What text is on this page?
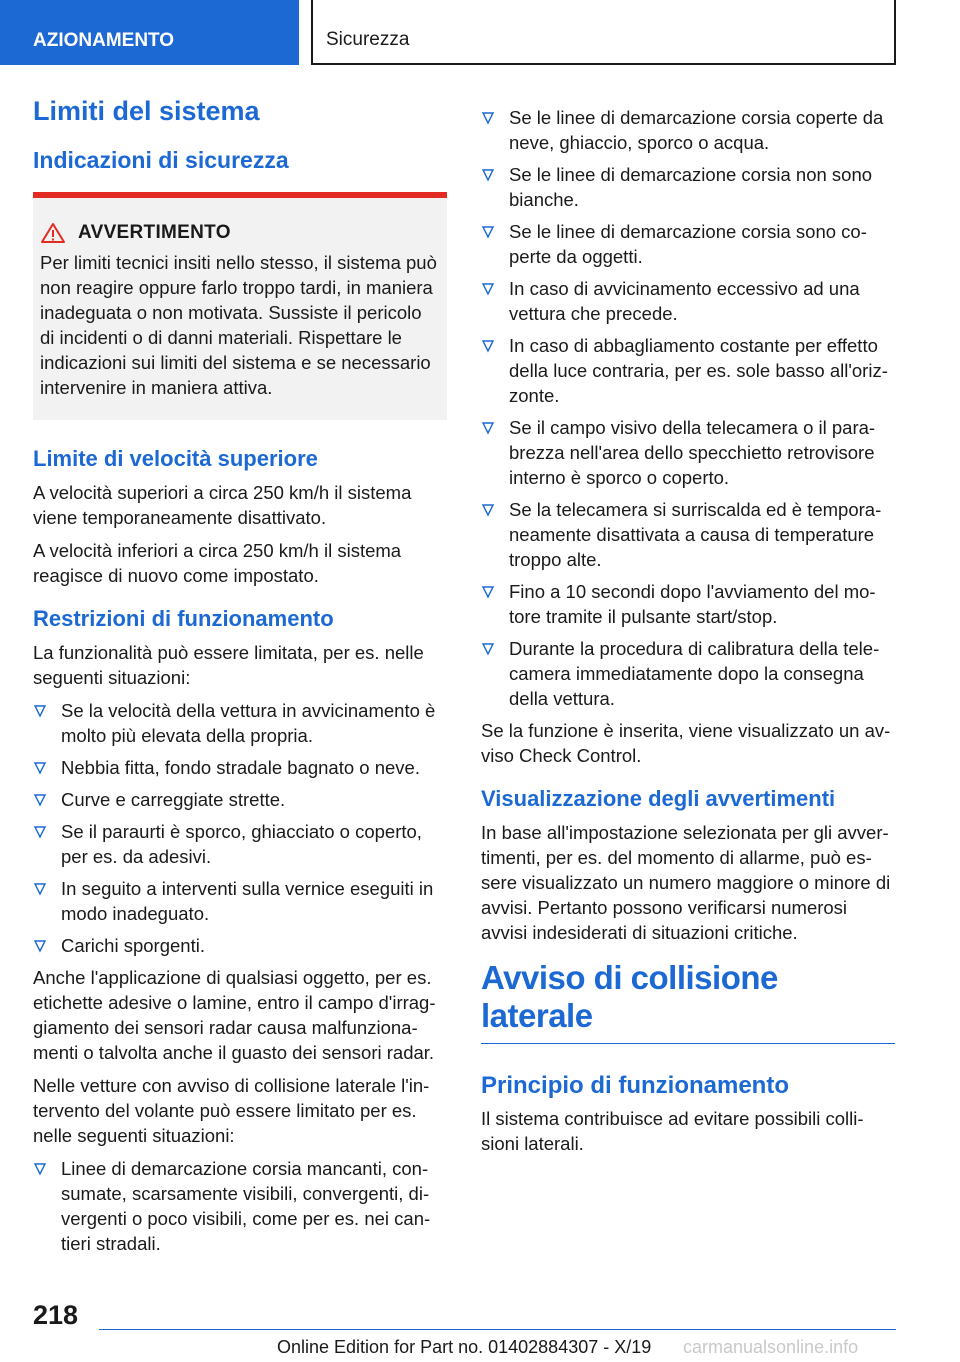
AZIONAMENTO	Sicurezza
Limiti del sistema
Indicazioni di sicurezza
AVVERTIMENTO

Per limiti tecnici insiti nello stesso, il sistema può non reagire oppure farlo troppo tardi, in maniera inadeguata o non motivata. Sussiste il pericolo di incidenti o di danni materiali. Rispettare le indicazioni sui limiti del sistema e se necessario intervenire in maniera attiva.

Limite di velocità superiore

A velocità superiori a circa 250 km/h il sistema viene temporaneamente disattivato.

A velocità inferiori a circa 250 km/h il sistema reagisce di nuovo come impostato.

Restrizioni di funzionamento

La funzionalità può essere limitata, per es. nelle seguenti situazioni:

Se la velocità della vettura in avvicinamento è molto più elevata della propria.
Nebbia fitta, fondo stradale bagnato o neve.
Curve e carreggiate strette.
Se il paraurti è sporco, ghiacciato o coperto, per es. da adesivi.
In seguito a interventi sulla vernice eseguiti in modo inadeguato.
Carichi sporgenti.

Anche l'applicazione di qualsiasi oggetto, per es. etichette adesive o lamine, entro il campo d'irraggiamento dei sensori radar causa malfunzionamenti o talvolta anche il guasto dei sensori radar.

Nelle vetture con avviso di collisione laterale l'intervento del volante può essere limitato per es. nelle seguenti situazioni:

Linee di demarcazione corsia mancanti, consumate, scarsamente visibili, convergenti, divergenti o poco visibili, come per es. nei cantieri stradali.
Se le linee di demarcazione corsia coperte da neve, ghiaccio, sporco o acqua.
Se le linee di demarcazione corsia non sono bianche.
Se le linee di demarcazione corsia sono coperte da oggetti.
In caso di avvicinamento eccessivo ad una vettura che precede.
In caso di abbagliamento costante per effetto della luce contraria, per es. sole basso all'orizzonte.
Se il campo visivo della telecamera o il parabrezza nell'area dello specchietto retrovisore interno è sporco o coperto.
Se la telecamera si surriscalda ed è temporaneamente disattivata a causa di temperature troppo alte.
Fino a 10 secondi dopo l'avviamento del motore tramite il pulsante start/stop.
Durante la procedura di calibratura della telecamera immediatamente dopo la consegna della vettura.

Se la funzione è inserita, viene visualizzato un avviso Check Control.

Visualizzazione degli avvertimenti

In base all'impostazione selezionata per gli avvertimenti, per es. del momento di allarme, può essere visualizzato un numero maggiore o minore di avvisi. Pertanto possono verificarsi numerosi avvisi indesiderati di situazioni critiche.

Avviso di collisione laterale
Principio di funzionamento

Il sistema contribuisce ad evitare possibili collisioni laterali.

218
Online Edition for Part no. 01402884307 - X/19 carmanualsonline.info
